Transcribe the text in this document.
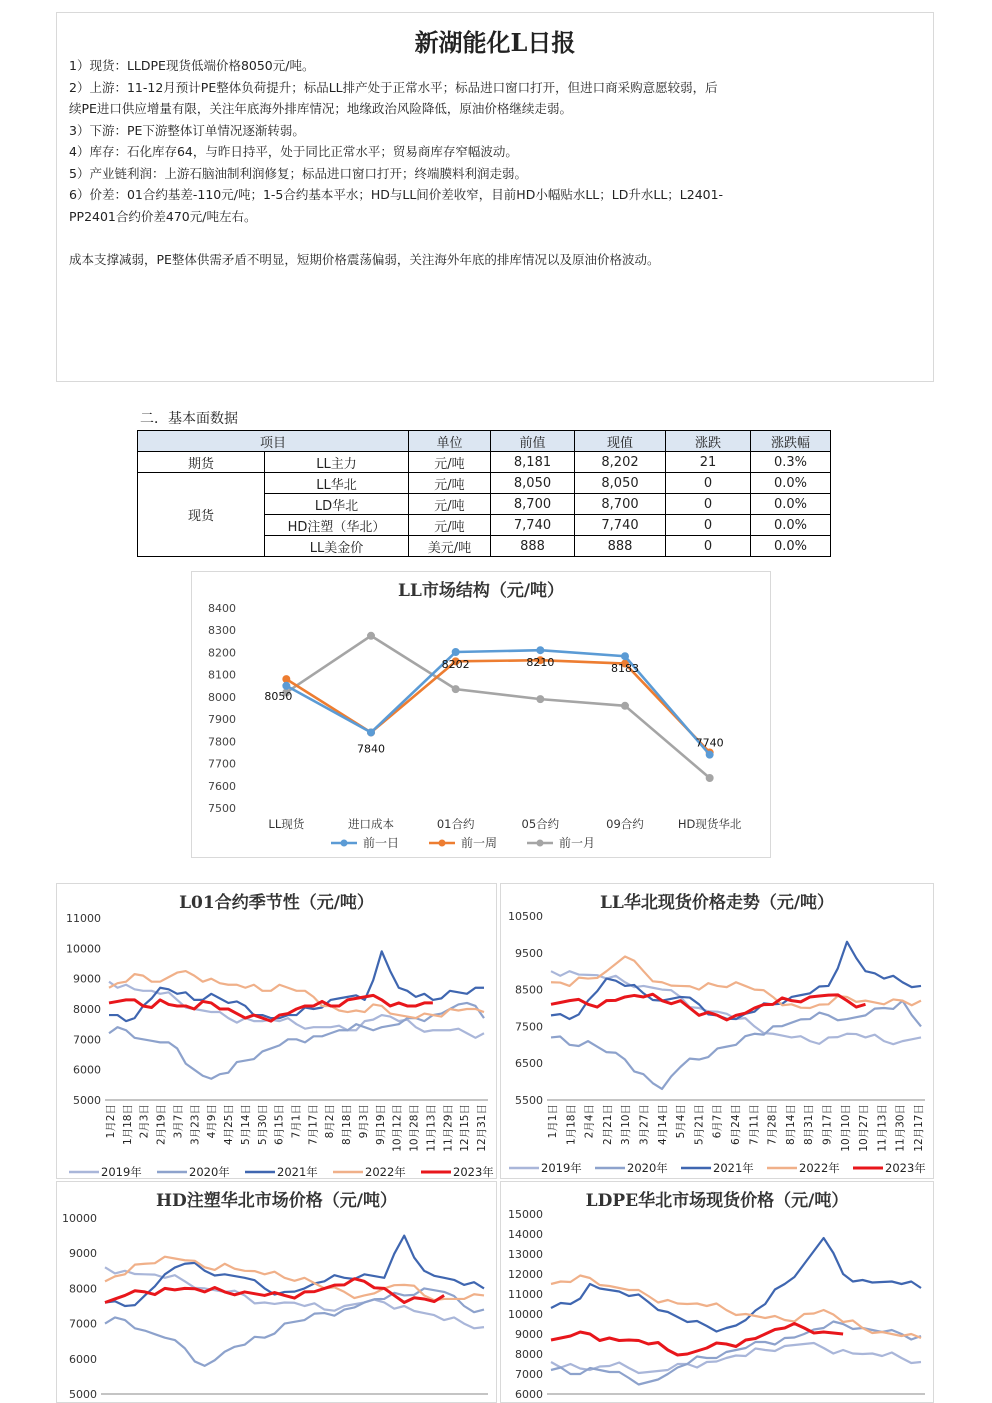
新湖能化L日报
1）现货：LLDPE现货低端价格8050元/吨。
2）上游：11-12月预计PE整体负荷提升；标品LL排产处于正常水平；标品进口窗口打开，但进口商采购意愿较弱，后
续PE进口供应增量有限，关注年底海外排库情况；地缘政治风险降低，原油价格继续走弱。
3）下游：PE下游整体订单情况逐渐转弱。
4）库存：石化库存64，与昨日持平，处于同比正常水平；贸易商库存窄幅波动。
5）产业链利润：上游石脑油制利润修复；标品进口窗口打开；终端膜料利润走弱。
6）价差：01合约基差-110元/吨；1-5合约基本平水；HD与LL间价差收窄，目前HD小幅贴水LL；LD升水LL；L2401-
PP2401合约价差470元/吨左右。
成本支撑减弱，PE整体供需矛盾不明显，短期价格震荡偏弱，关注海外年底的排库情况以及原油价格波动。
二．基本面数据
项目		单位	前值	现值	涨跌	涨跌幅
期货	LL主力	元/吨	8,181	8,202	21	0.3%
现货	LL华北	元/吨	8,050	8,050	0	0.0%
	LD华北	元/吨	8,700	8,700	0	0.0%
	HD注塑（华北）	元/吨	7,740	7,740	0	0.0%
	LL美金价	美元/吨	888	888	0	0.0%
LL市场结构（元/吨）
7500
7600
7700
7800
7900
8000
8100
8200
8300
8400
LL现货	进口成本	01合约	05合约	09合约	HD现货华北
8050
7840
8202	8210	8183
7740
前一日	前一周	前一月
L01合约季节性（元/吨）
5000
6000
7000
8000
9000
10000
11000
1月2日 1月18日 2月3日 2月19日 3月7日 3月23日 4月9日 4月25日 5月14日 5月30日 6月15日 7月1日 7月17日 8月2日 8月18日 9月3日 9月19日 10月12日 10月28日 11月13日 11月29日 12月15日 12月31日
2019年	2020年	2021年	2022年	2023年
LL华北现货价格走势（元/吨）
5500
6500
7500
8500
9500
10500
1月1日 1月18日 2月4日 2月21日 3月10日 3月27日 4月14日 5月4日 5月21日 6月7日 6月24日 7月11日 7月28日 8月14日 8月31日 9月17日 10月10日 10月27日 11月13日 11月30日 12月17日
2019年	2020年	2021年	2022年	2023年
HD注塑华北市场价格（元/吨）
5000
6000
7000
8000
9000
10000
LDPE华北市场现货价格（元/吨）
6000
7000
8000
9000
10000
11000
12000
13000
14000
15000
